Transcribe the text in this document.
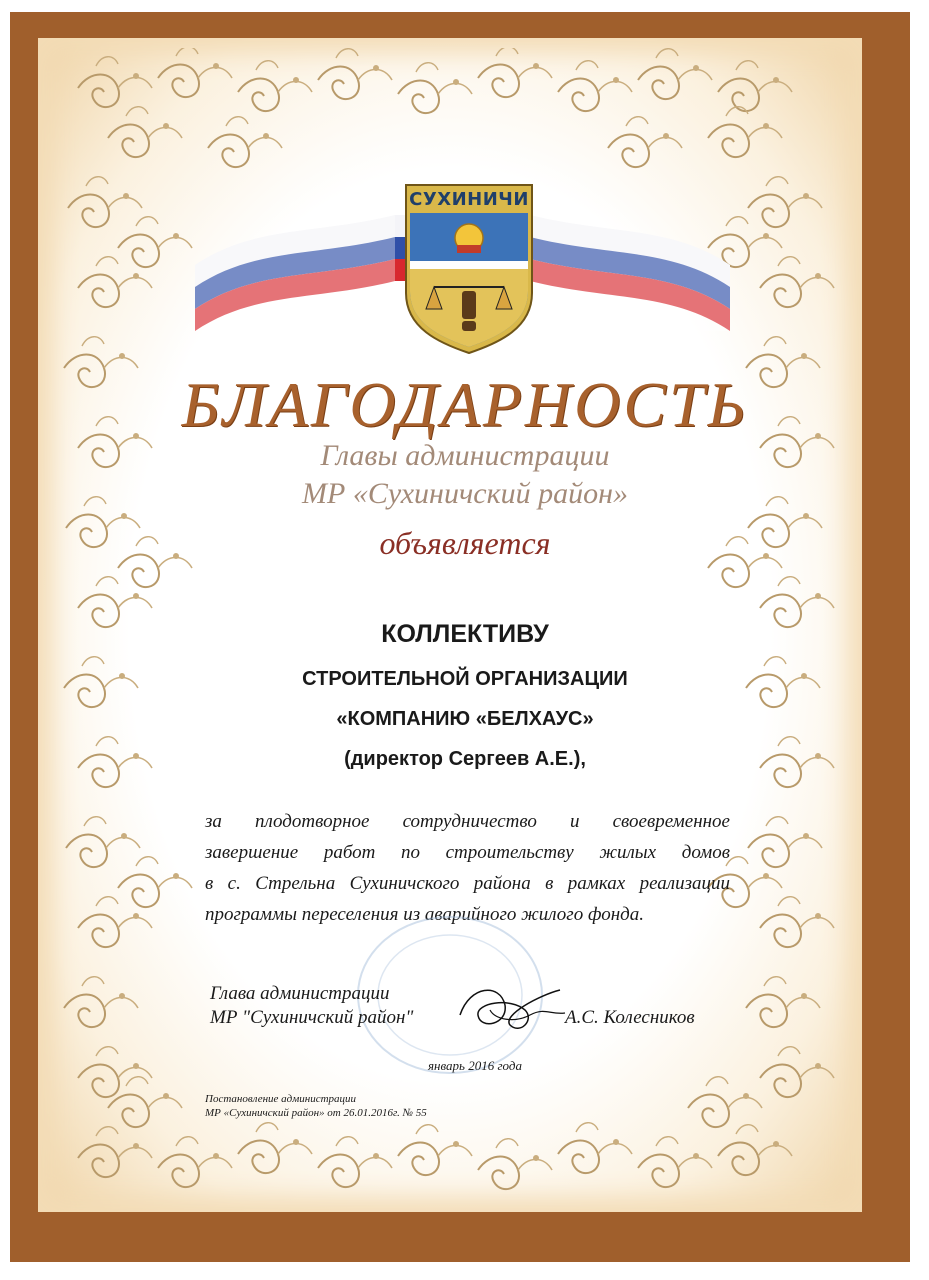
СУХИНИЧИ
БЛАГОДАРНОСТЬ
Главы администрации
МР «Сухиничский район»
объявляется
КОЛЛЕКТИВУ
СТРОИТЕЛЬНОЙ ОРГАНИЗАЦИИ
«КОМПАНИЮ «БЕЛХАУС»
(директор Сергеев А.Е.),
за плодотворное сотрудничество и своевременное
завершение работ по строительству жилых домов
в с. Стрельна Сухиничского района в рамках реализации
программы переселения из аварийного жилого фонда.
Глава администрации
МР "Сухиничский район"	А.С. Колесников
январь 2016 года
Постановление администрации
МР «Сухиничский район» от 26.01.2016г. № 55
